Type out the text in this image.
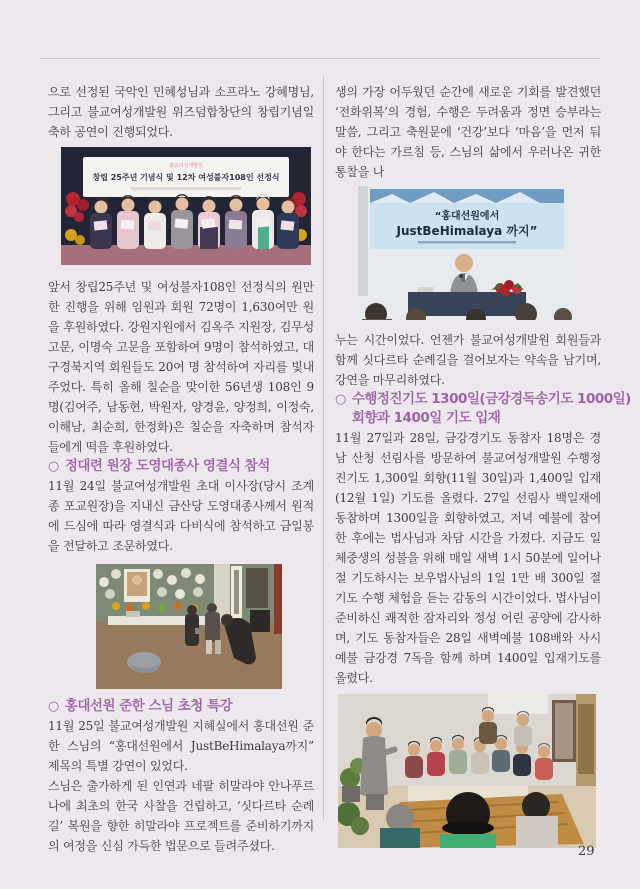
으로 선정된 국악인 민혜성님과 소프라노 강혜명님, 그리고 불교여성개발원 위즈덤합창단의 창립기념일 축하 공연이 진행되었다.

불교여성개발원
창립 25주년 기념식 및 12차 여성불자108인 선정식

앞서 창립25주년 및 여성불자108인 선정식의 원만한 진행을 위해 임원과 회원 72명이 1,630여만 원을 후원하였다. 강원지원에서 김옥주 지원장, 김무성 고문, 이명숙 고문을 포함하여 9명이 참석하였고, 대구경북지역 회원들도 20여 명 참석하여 자리를 빛내주었다. 특히 올해 칠순을 맞이한 56년생 108인 9명(김여주, 남동현, 박원자, 양경윤, 양정희, 이정숙, 이해남, 최순희, 한정화)은 칠순을 자축하며 참석자들에게 떡을 후원하였다.

○ 정대련 원장 도영대종사 영결식 참석

11월 24일 불교여성개발원 초대 이사장(당시 조계종 포교원장)을 지내신 금산당 도영대종사께서 원적에 드심에 따라 영결식과 다비식에 참석하고 금일봉을 전달하고 조문하였다.

○ 홍대선원 준한 스님 초청 특강

11월 25일 불교여성개발원 지혜실에서 홍대선원 준한 스님의 “홍대선원에서 JustBeHimalaya까지” 제목의 특별 강연이 있었다.

스님은 출가하게 된 인연과 네팔 히말라야 안나푸르나에 최초의 한국 사찰을 건립하고, ‘싯다르타 순례길’ 복원을 향한 히말라야 프로젝트를 준비하기까지의 여정을 신심 가득한 법문으로 들려주셨다.

생의 가장 어두웠던 순간에 새로운 기회를 발견했던 ‘전화위복’의 경험, 수행은 두려움과 정면 승부라는 말씀, 그리고 축원문에 ‘건강’보다 ‘마음’을 먼저 둬야 한다는 가르침 등, 스님의 삶에서 우러나온 귀한 통찰을 나

“홍대선원에서
JustBeHimalaya 까지”

누는 시간이었다. 언젠가 불교여성개발원 회원들과 함께 싯다르타 순례길을 걸어보자는 약속을 남기며, 강연을 마무리하였다.

○ 수행정진기도 1300일(금강경독송기도 1000일)
회향과 1400일 기도 입재

11월 27일과 28일, 금강경기도 동참자 18명은 경남 산청 선림사를 방문하여 불교여성개발원 수행정진기도 1,300일 회향(11월 30일)과 1,400일 입재(12월 1일) 기도를 올렸다. 27일 선림사 백일재에 동참하며 1300일을 회향하였고, 저녁 예불에 참여한 후에는 법사님과 차담 시간을 가졌다. 지금도 일체중생의 성불을 위해 매일 새벽 1시 50분에 일어나 절 기도하시는 보우법사님의 1일 1만 배 300일 절 기도 수행 체험을 듣는 감동의 시간이었다. 법사님이 준비하신 쾌적한 잠자리와 정성 어린 공양에 감사하며, 기도 동참자들은 28일 새벽예불 108배와 사시예불 금강경 7독을 함께 하며 1400일 입재기도를 올렸다.

29
